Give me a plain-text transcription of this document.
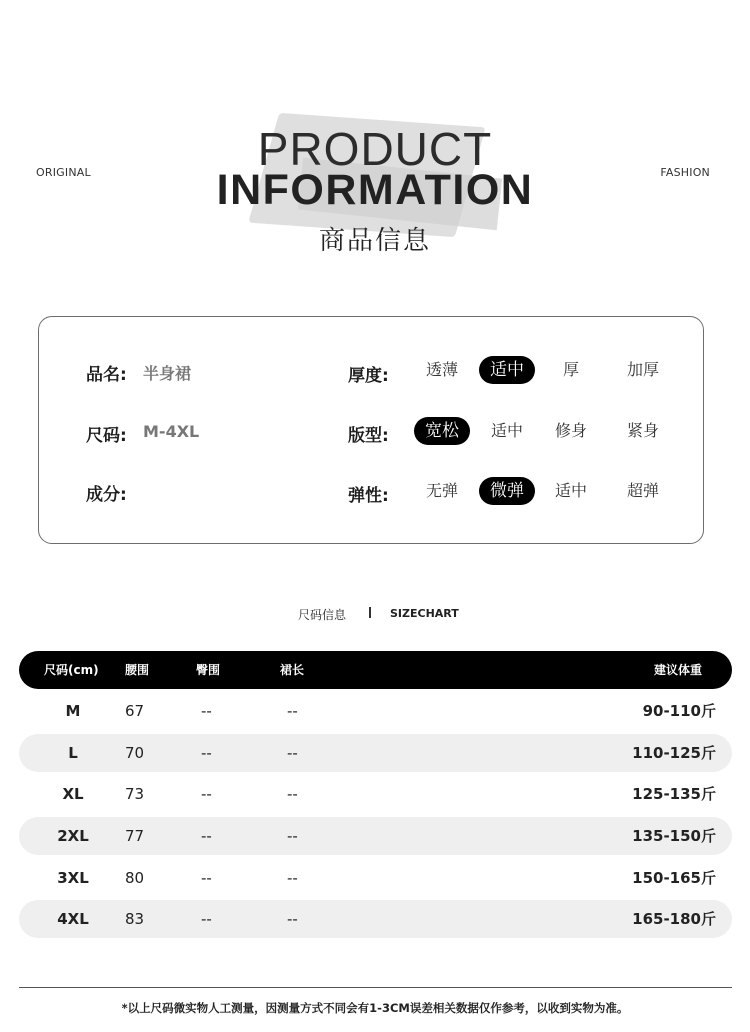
ORIGINAL	FASHION
PRODUCT
INFORMATION
商品信息
品名: 半身裙
尺码: M-4XL
成分:
厚度:	透薄	适中	厚	加厚
版型:	宽松	适中	修身	紧身
弹性:	无弹	微弹	适中	超弹
尺码信息	SIZECHART
尺码(cm) 腰围	臀围	裙长	建议体重
M	67	--	--	90-110斤
L	70	--	--	110-125斤
XL	73	--	--	125-135斤
2XL	77	--	--	135-150斤
3XL	80	--	--	150-165斤
4XL	83	--	--	165-180斤
*以上尺码微实物人工测量，因测量方式不同会有1-3CM误差相关数据仅作参考，以收到实物为准。
